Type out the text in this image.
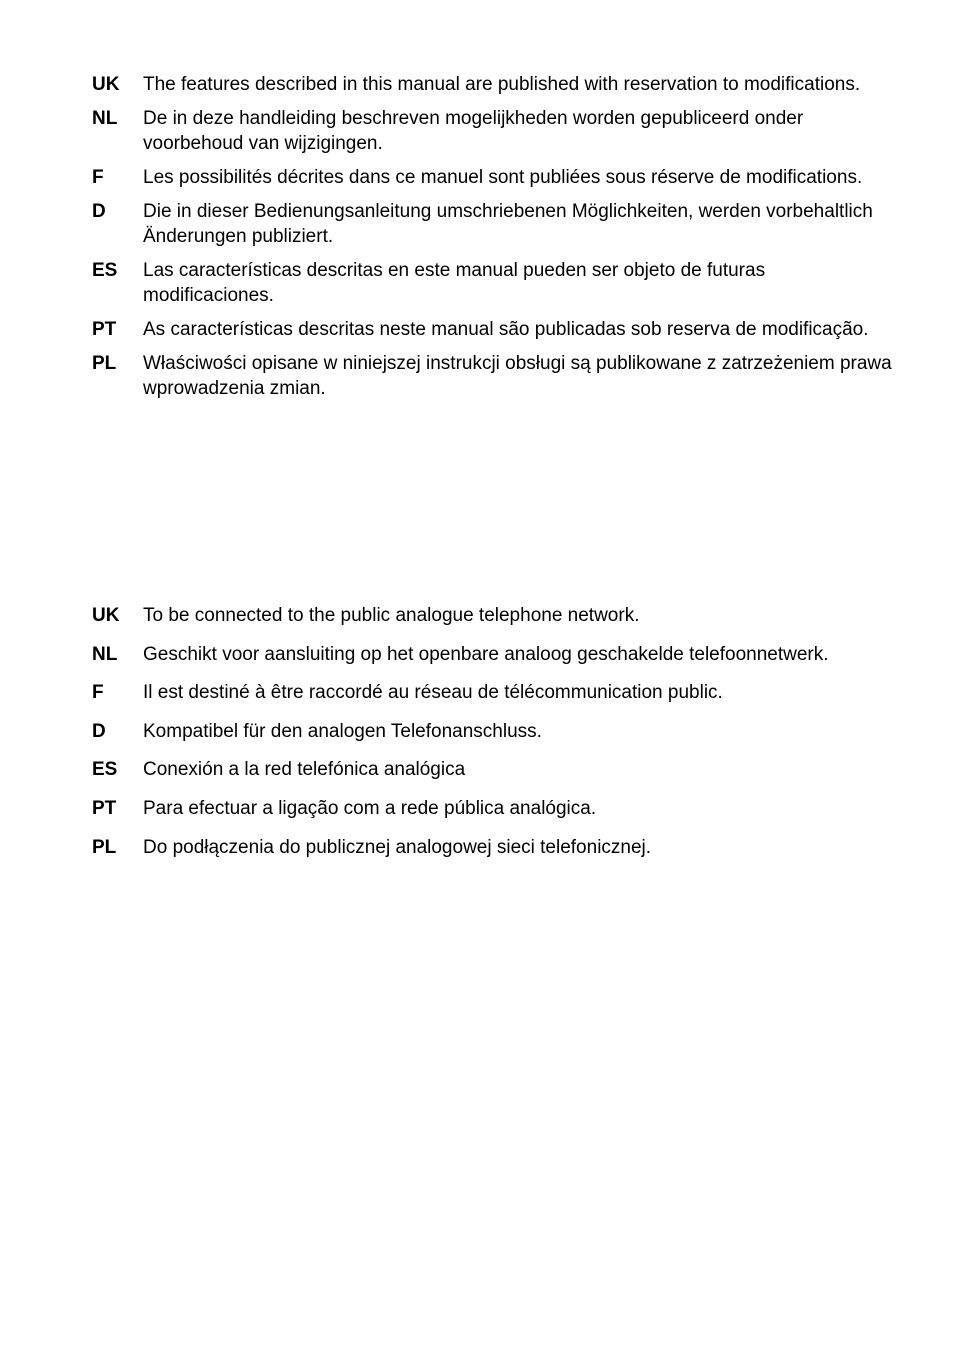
UK	The features described in this manual are published with reservation to modifications.
NL	De in deze handleiding beschreven mogelijkheden worden gepubliceerd onder voorbehoud van wijzigingen.
F	Les possibilités décrites dans ce manuel sont publiées sous réserve de modifications.
D	Die in dieser Bedienungsanleitung umschriebenen Möglichkeiten, werden vorbehaltlich Änderungen publiziert.
ES	Las características descritas en este manual pueden ser objeto de futuras modificaciones.
PT	As características descritas neste manual são publicadas sob reserva de modificação.
PL	Właściwości opisane w niniejszej instrukcji obsługi są publikowane z zatrzeżeniem prawa wprowadzenia zmian.
UK	To be connected to the public analogue telephone network.
NL	Geschikt voor aansluiting op het openbare analoog geschakelde telefoonnetwerk.
F	Il est destiné à être raccordé au réseau de télécommunication public.
D	Kompatibel für den analogen Telefonanschluss.
ES	Conexión a la red telefónica analógica
PT	Para efectuar a ligação com a rede pública analógica.
PL	Do podłączenia do publicznej analogowej sieci telefonicznej.
